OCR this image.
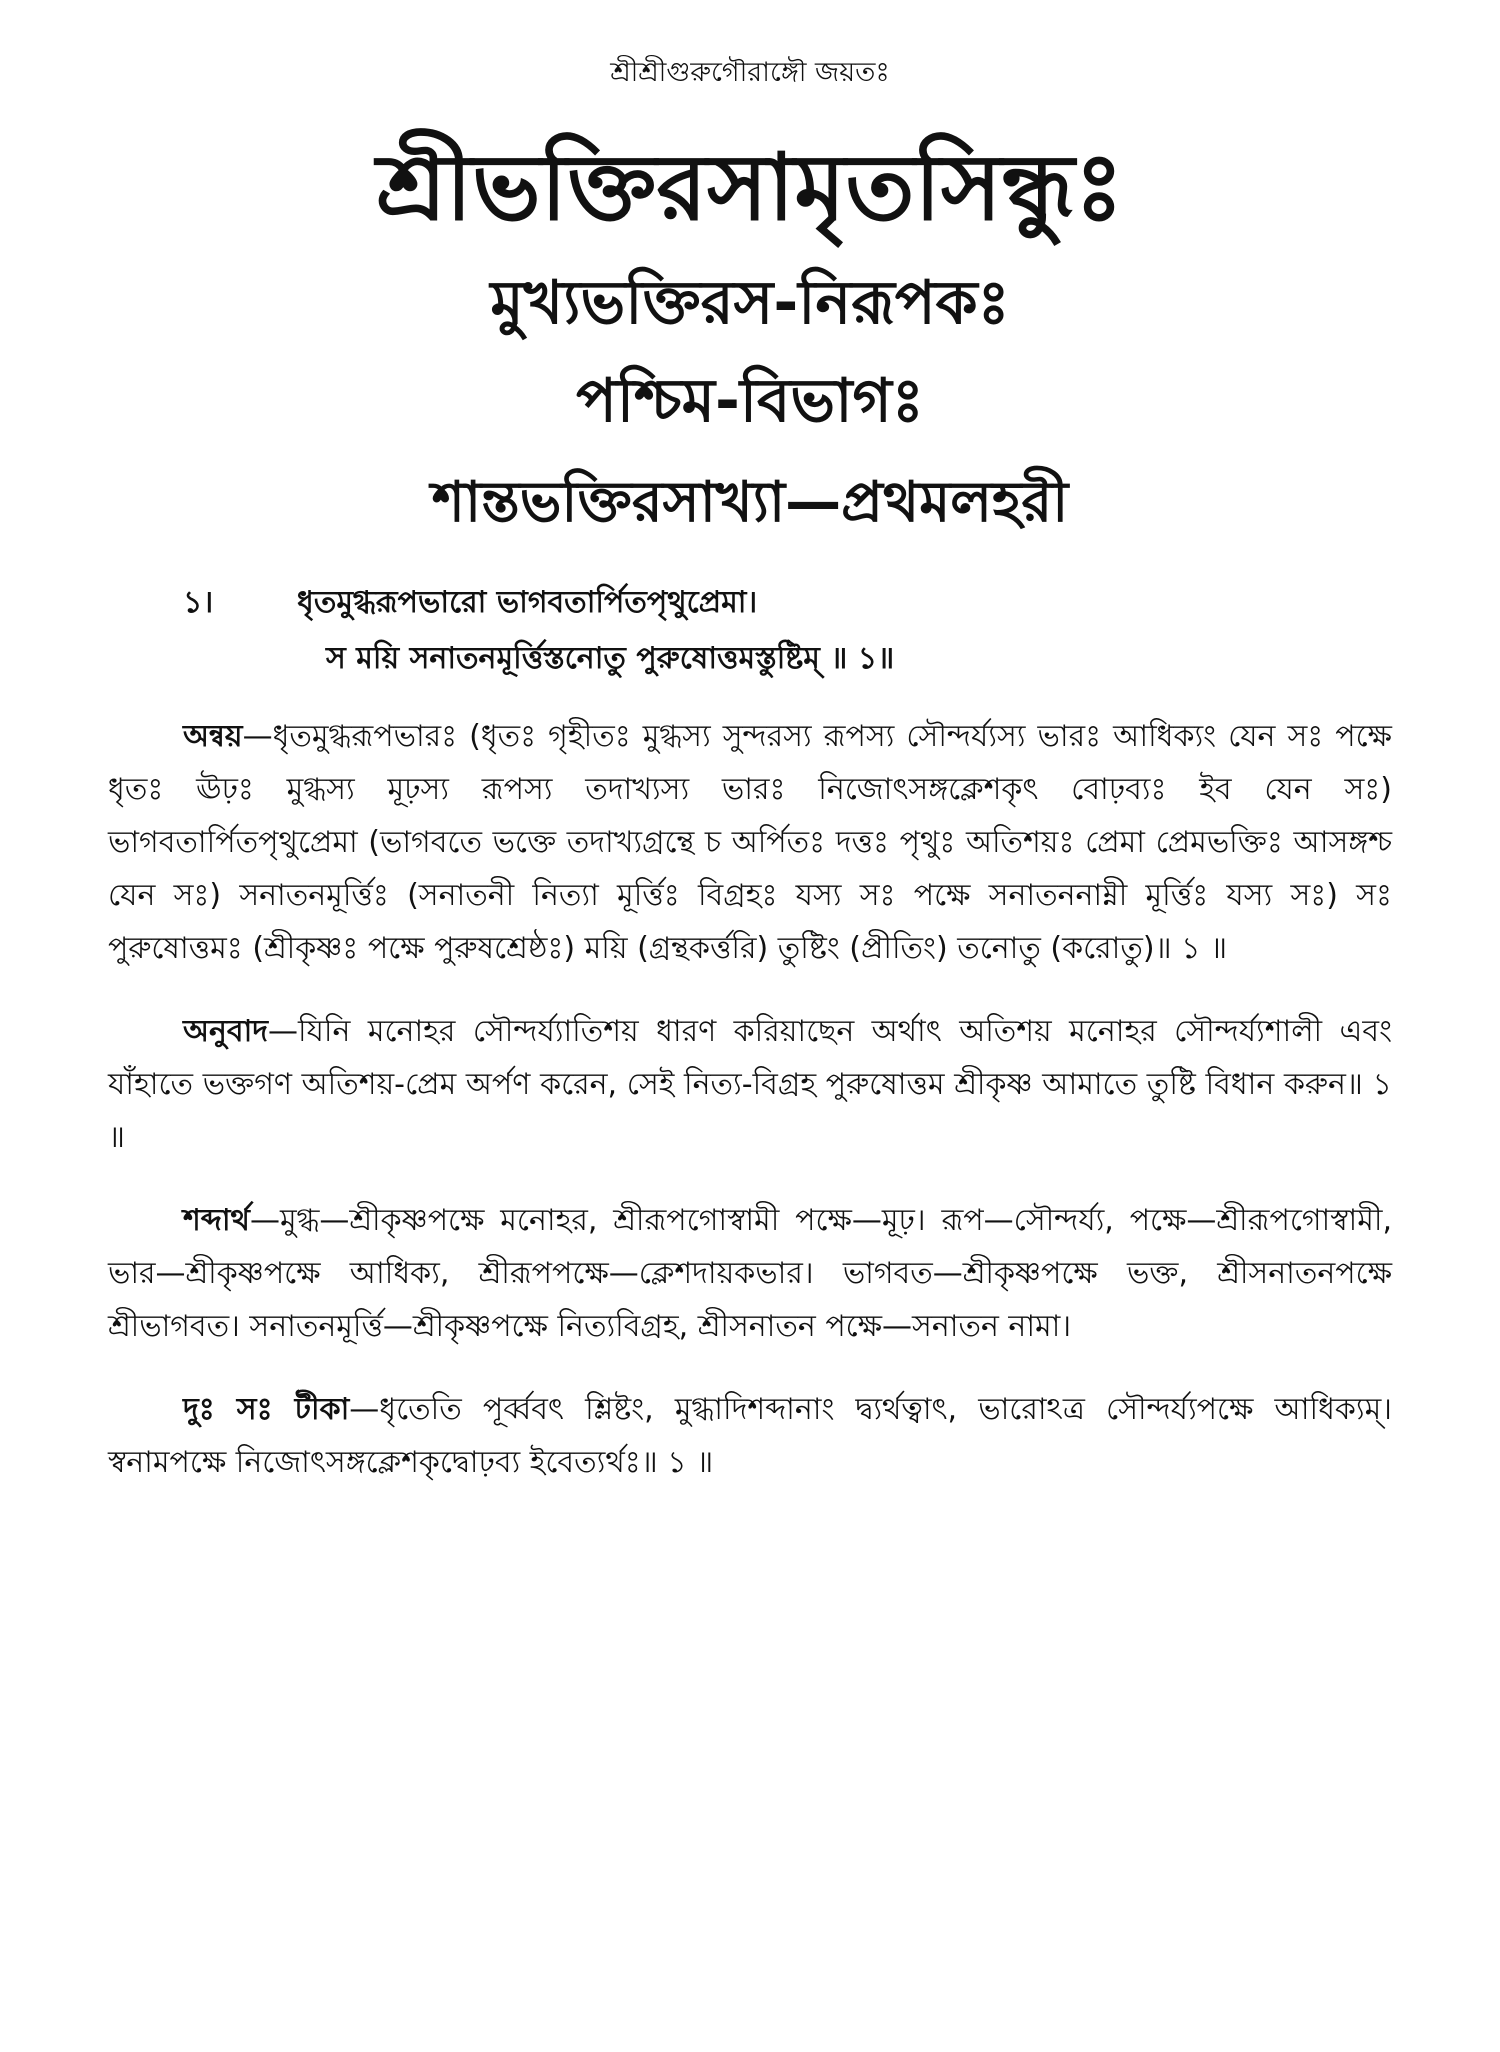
শ্রীশ্রীগুরুগৌরাঙ্গৌ জয়তঃ
শ্রীভক্তিরসামৃতসিন্ধুঃ
মুখ্যভক্তিরস-নিরূপকঃ
পশ্চিম-বিভাগঃ
শান্তভক্তিরসাখ্যা—প্রথমলহরী
১।	ধৃতমুগ্ধরূপভারো ভাগবতার্পিতপৃথুপ্রেমা।
স ময়ি সনাতনমূর্ত্তিস্তনোতু পুরুষোত্তমস্তুষ্টিম্ ॥ ১॥

অন্বয়—ধৃতমুগ্ধরূপভারঃ (ধৃতঃ গৃহীতঃ মুগ্ধস্য সুন্দরস্য রূপস্য সৌন্দর্য্যস্য ভারঃ আধিক্যং যেন সঃ পক্ষে ধৃতঃ ঊঢ়ঃ মুগ্ধস্য মূঢ়স্য রূপস্য তদাখ্যস্য ভারঃ নিজোৎসঙ্গক্লেশকৃৎ বোঢ়ব্যঃ ইব যেন সঃ) ভাগবতার্পিতপৃথুপ্রেমা (ভাগবতে ভক্তে তদাখ্যগ্রন্থে চ অর্পিতঃ দত্তঃ পৃথুঃ অতিশয়ঃ প্রেমা প্রেমভক্তিঃ আসঙ্গশ্চ যেন সঃ) সনাতনমূর্ত্তিঃ (সনাতনী নিত্যা মূর্ত্তিঃ বিগ্রহঃ যস্য সঃ পক্ষে সনাতননাম্নী মূর্ত্তিঃ যস্য সঃ) সঃ পুরুষোত্তমঃ (শ্রীকৃষ্ণঃ পক্ষে পুরুষশ্রেষ্ঠঃ) ময়ি (গ্রন্থকর্ত্তরি) তুষ্টিং (প্রীতিং) তনোতু (করোতু)॥ ১ ॥

অনুবাদ—যিনি মনোহর সৌন্দর্য্যাতিশয় ধারণ করিয়াছেন অর্থাৎ অতিশয় মনোহর সৌন্দর্য্যশালী এবং যাঁহাতে ভক্তগণ অতিশয়-প্রেম অর্পণ করেন, সেই নিত্য-বিগ্রহ পুরুষোত্তম শ্রীকৃষ্ণ আমাতে তুষ্টি বিধান করুন॥ ১ ॥

শব্দার্থ—মুগ্ধ—শ্রীকৃষ্ণপক্ষে মনোহর, শ্রীরূপগোস্বামী পক্ষে—মূঢ়। রূপ—সৌন্দর্য্য, পক্ষে—শ্রীরূপগোস্বামী, ভার—শ্রীকৃষ্ণপক্ষে আধিক্য, শ্রীরূপপক্ষে—ক্লেশদায়কভার। ভাগবত—শ্রীকৃষ্ণপক্ষে ভক্ত, শ্রীসনাতনপক্ষে শ্রীভাগবত। সনাতনমূর্ত্তি—শ্রীকৃষ্ণপক্ষে নিত্যবিগ্রহ, শ্রীসনাতন পক্ষে—সনাতন নামা।

দুঃ সঃ টীকা—ধৃতেতি পূর্ব্ববৎ শ্লিষ্টং, মুগ্ধাদিশব্দানাং দ্ব্যর্থত্বাৎ, ভারোঽত্র সৌন্দর্য্যপক্ষে আধিক্যম্। স্বনামপক্ষে নিজোৎসঙ্গক্লেশকৃদ্বোঢ়ব্য ইবেত্যর্থঃ॥ ১ ॥
